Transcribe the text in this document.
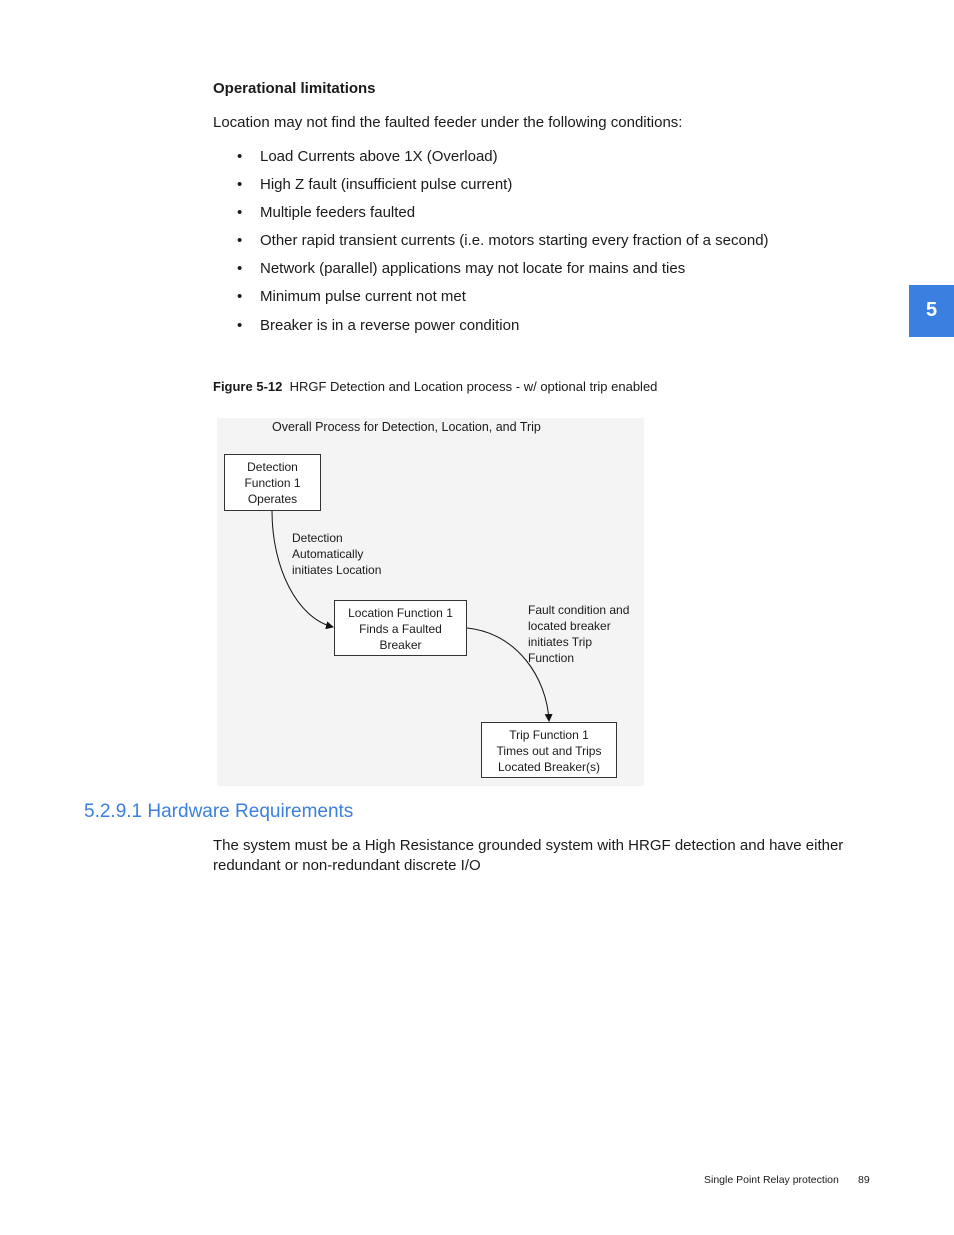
Operational limitations
Location may not find the faulted feeder under the following conditions:
• Load Currents above 1X (Overload)
• High Z fault (insufficient pulse current)
• Multiple feeders faulted
• Other rapid transient currents (i.e. motors starting every fraction of a second)
• Network (parallel) applications may not locate for mains and ties
• Minimum pulse current not met
• Breaker is in a reverse power condition
5
Figure 5-12 HRGF Detection and Location process - w/ optional trip enabled
Overall Process for Detection, Location, and Trip
Detection
Function 1
Operates
Detection
Automatically
initiates Location
Location Function 1
Finds a Faulted
Breaker
Fault condition and
located breaker
initiates Trip
Function
Trip Function 1
Times out and Trips
Located Breaker(s)
5.2.9.1 Hardware Requirements
The system must be a High Resistance grounded system with HRGF detection and have either redundant or non-redundant discrete I/O
Single Point Relay protection 89
